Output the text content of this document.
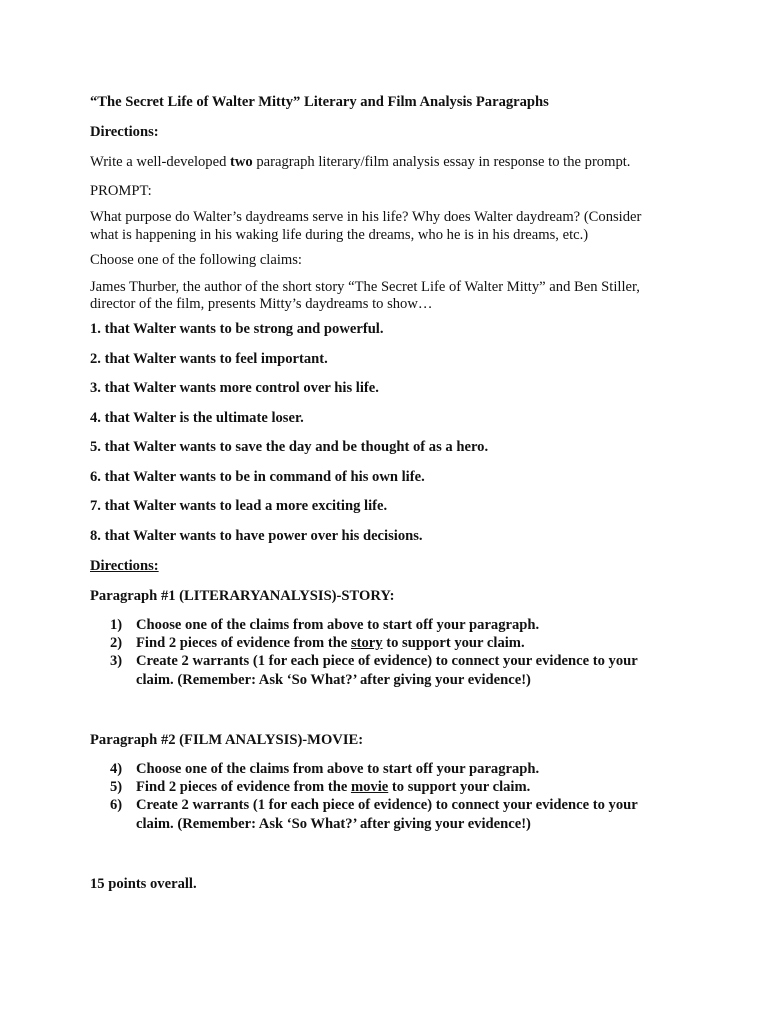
“The Secret Life of Walter Mitty” Literary and Film Analysis Paragraphs
Directions:
Write a well-developed two paragraph literary/film analysis essay in response to the prompt.
PROMPT:
What purpose do Walter’s daydreams serve in his life? Why does Walter daydream? (Consider
what is happening in his waking life during the dreams, who he is in his dreams, etc.)
Choose one of the following claims:
James Thurber, the author of the short story “The Secret Life of Walter Mitty” and Ben Stiller,
director of the film, presents Mitty’s daydreams to show…
1. that Walter wants to be strong and powerful.
2. that Walter wants to feel important.
3. that Walter wants more control over his life.
4. that Walter is the ultimate loser.
5. that Walter wants to save the day and be thought of as a hero.
6. that Walter wants to be in command of his own life.
7. that Walter wants to lead a more exciting life.
8. that Walter wants to have power over his decisions.
Directions:
Paragraph #1 (LITERARYANALYSIS)-STORY:
1) Choose one of the claims from above to start off your paragraph.
2) Find 2 pieces of evidence from the story to support your claim.
3) Create 2 warrants (1 for each piece of evidence) to connect your evidence to your
claim. (Remember: Ask ‘So What?’ after giving your evidence!)
Paragraph #2 (FILM ANALYSIS)-MOVIE:
4) Choose one of the claims from above to start off your paragraph.
5) Find 2 pieces of evidence from the movie to support your claim.
6) Create 2 warrants (1 for each piece of evidence) to connect your evidence to your
claim. (Remember: Ask ‘So What?’ after giving your evidence!)
15 points overall.
